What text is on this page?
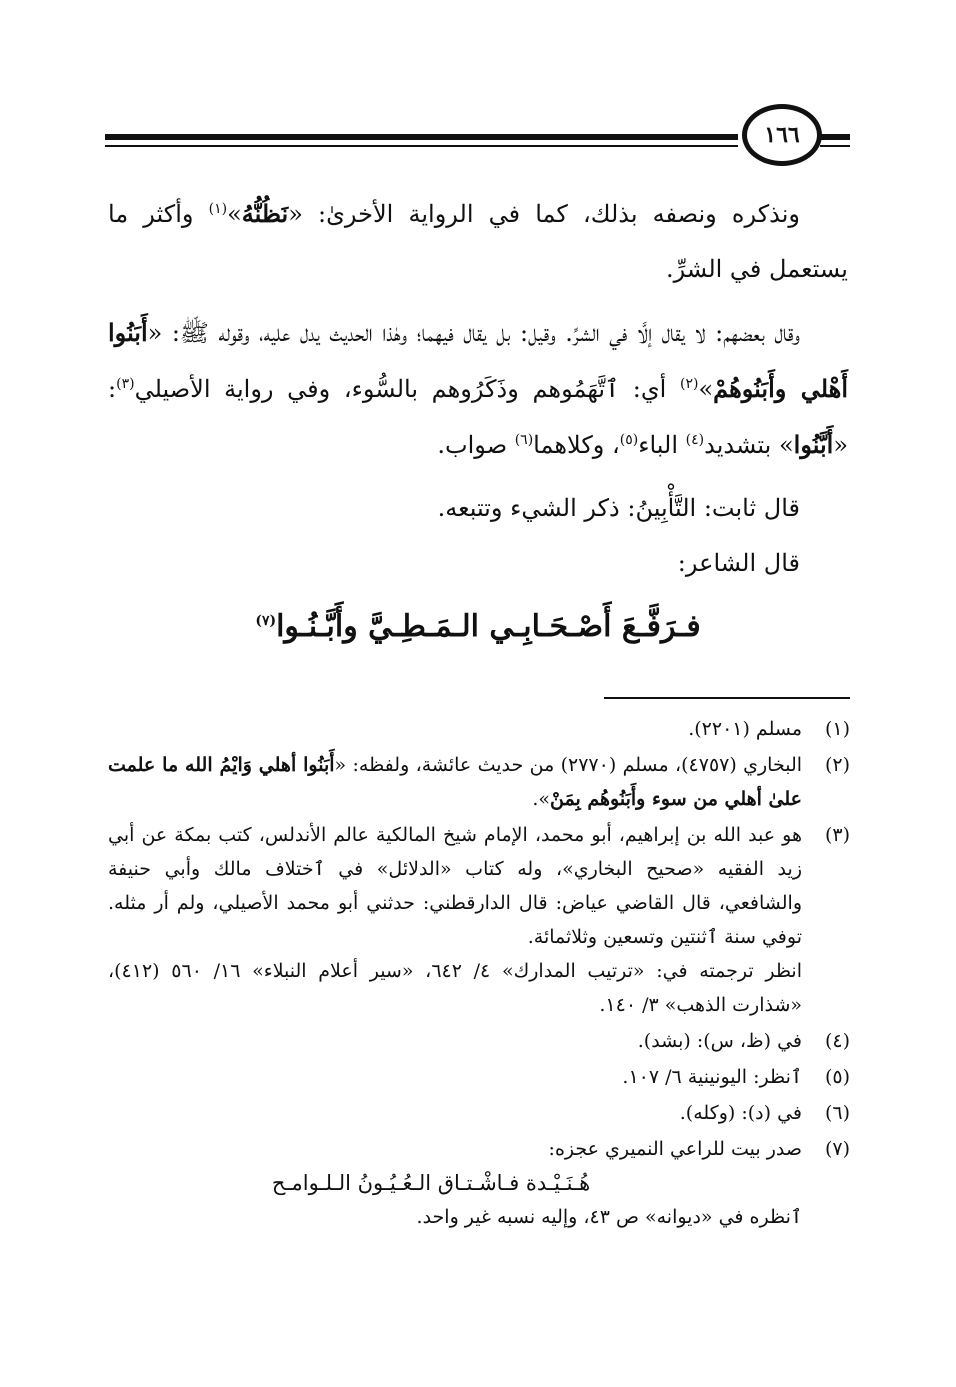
١٦٦

ونذكره ونصفه بذلك، كما في الرواية الأخرىٰ: «نَظُنُّهُ»$^{(١)}$ وأكثر ما يستعمل في الشرِّ.

وقال بعضهم: لا يقال إلَّا في الشرِّ. وقيل: بل يقال فيهما؛ وهٰذا الحديث يدل عليه، وقوله ﷺ: «أَبَنُوا أَهْلي وأَبَنُوهُمْ»$^{(٢)}$ أي: ٱتَّهَمُوهم وذَكَرُوهم بالسُّوء، وفي رواية الأصيلي$^{(٣)}$: «أَبَّنُوا» بتشديد$^{(٤)}$ الباء$^{(٥)}$، وكلاهما$^{(٦)}$ صواب.

قال ثابت: التَّأْبِينُ: ذكر الشيء وتتبعه.
قال الشاعر:
فـرَفَّـعَ أَصْـحَـابِـي الـمَـطِـيَّ وأَبَّـنُـوا$^{(٧)}$
(١)
مسلم (٢٢٠١).
(٢)
البخاري (٤٧٥٧)، مسلم (٢٧٧٠) من حديث عائشة، ولفظه: «أَبَنُوا أهلي وَايْمُ الله ما علمت علىٰ أهلي من سوء وأَبَنُوهُم بِمَنْ».
(٣)
هو عبد الله بن إبراهيم، أبو محمد، الإمام شيخ المالكية عالم الأندلس، كتب بمكة عن أبي زيد الفقيه «صحيح البخاري»، وله كتاب «الدلائل» في ٱختلاف مالك وأبي حنيفة والشافعي، قال القاضي عياض: قال الدارقطني: حدثني أبو محمد الأصيلي، ولم أر مثله. توفي سنة ٱثنتين وتسعين وثلاثمائة.
انظر ترجمته في: «ترتيب المدارك» ٤/ ٦٤٢، «سير أعلام النبلاء» ١٦/ ٥٦٠ (٤١٢)، «شذارت الذهب» ٣/ ١٤٠.
(٤)
في (ظ، س): (بشد).
(٥)
ٱنظر: اليونينية ٦/ ١٠٧.
(٦)
في (د): (وكله).
(٧)
صدر بيت للراعي النميري عجزه:
هُـنَـيْـدة فـاشْـتـاق الـعُـيُـونُ الـلـوامـح
ٱنظره في «ديوانه» ص ٤٣، وإليه نسبه غير واحد.
